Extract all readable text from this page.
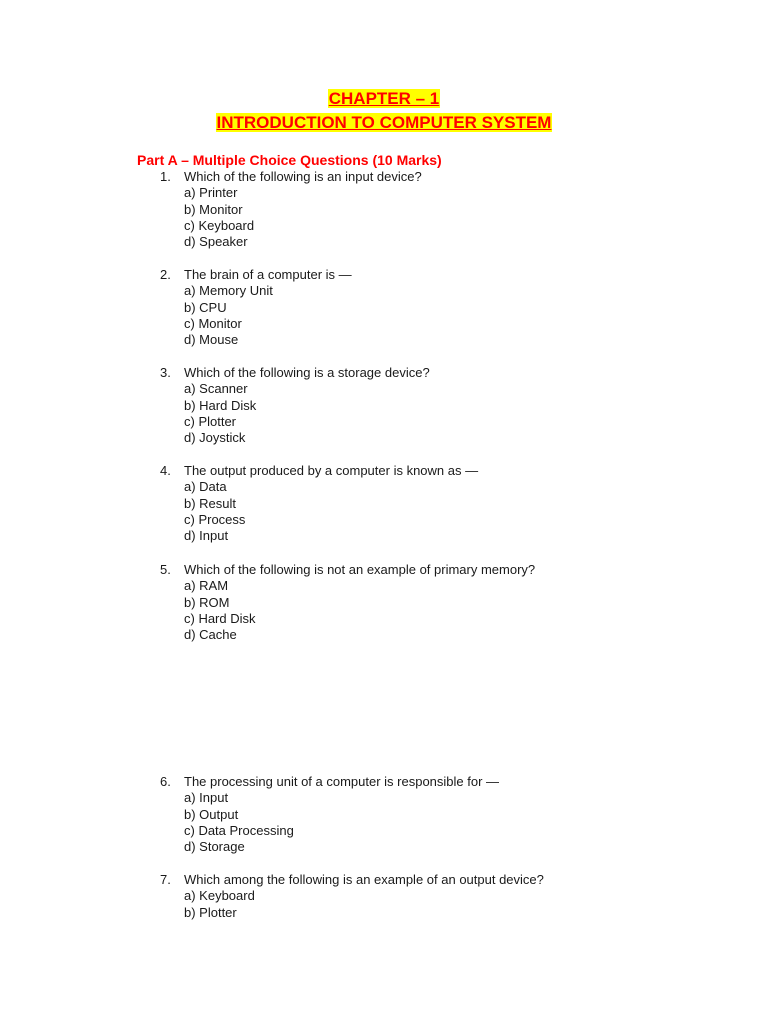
CHAPTER – 1
INTRODUCTION TO COMPUTER SYSTEM
Part A – Multiple Choice Questions (10 Marks)
1.	Which of the following is an input device?
a) Printer
b) Monitor
c) Keyboard
d) Speaker
2.	The brain of a computer is —
a) Memory Unit
b) CPU
c) Monitor
d) Mouse
3.	Which of the following is a storage device?
a) Scanner
b) Hard Disk
c) Plotter
d) Joystick
4.	The output produced by a computer is known as —
a) Data
b) Result
c) Process
d) Input
5.	Which of the following is not an example of primary memory?
a) RAM
b) ROM
c) Hard Disk
d) Cache
6.	The processing unit of a computer is responsible for —
a) Input
b) Output
c) Data Processing
d) Storage
7.	Which among the following is an example of an output device?
a) Keyboard
b) Plotter
